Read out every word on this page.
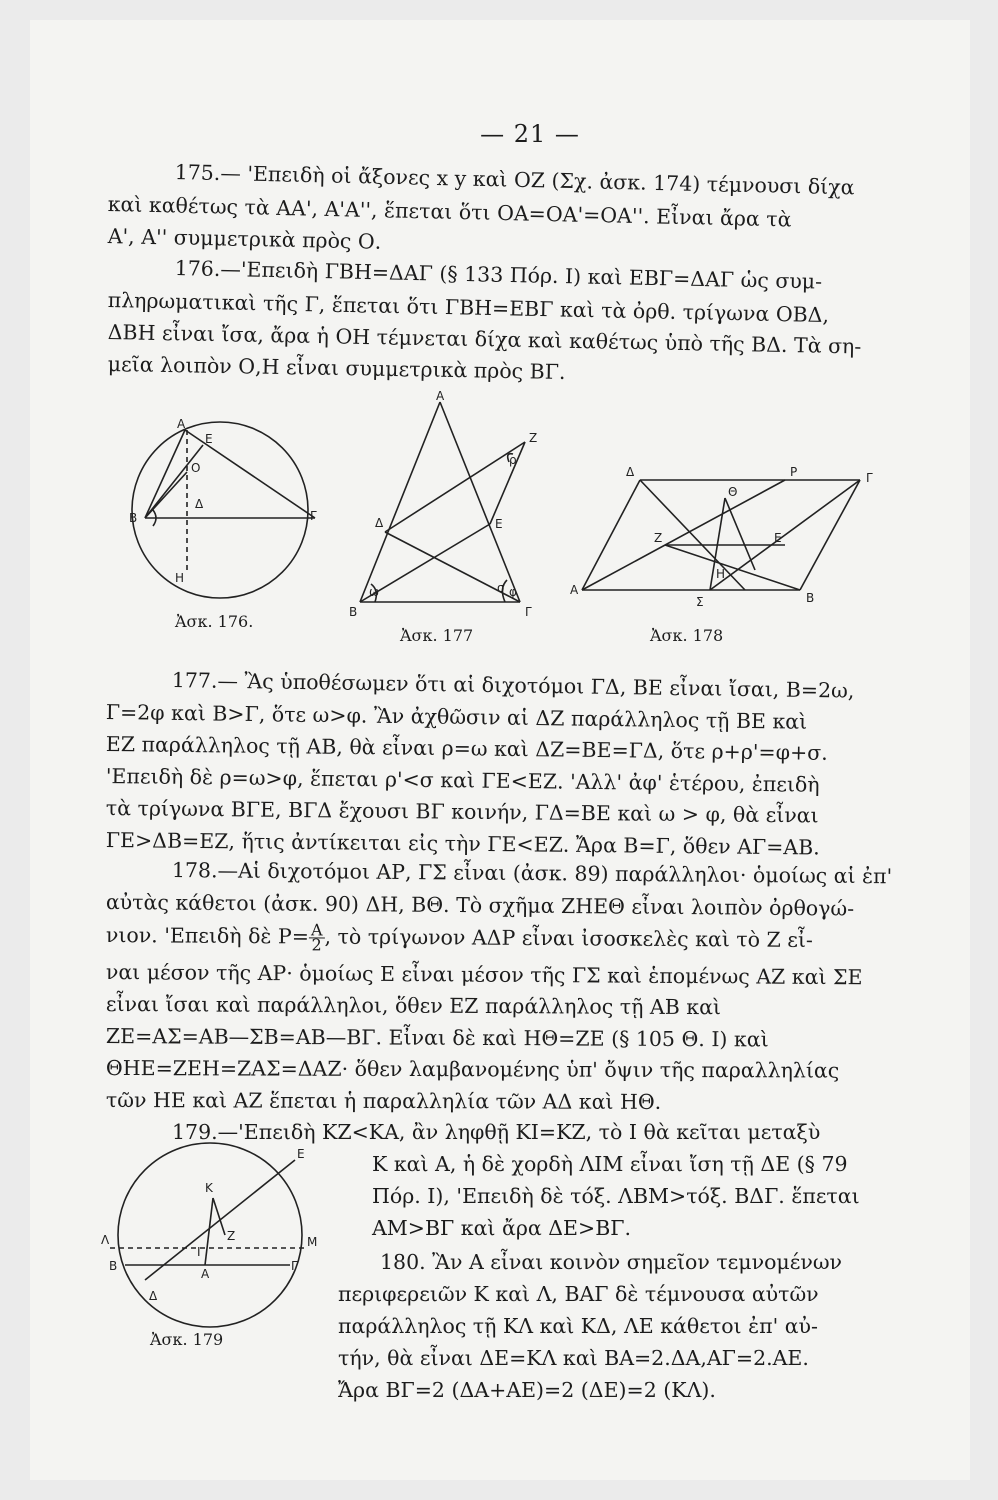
— 21 —
175.— 'Επειδὴ οἱ ἄξονες x y καὶ ΟΖ (Σχ. ἀσκ. 174) τέμνουσι δίχα
καὶ καθέτως τὰ ΑΑ', Α'Α'', ἕπεται ὅτι ΟΑ=ΟΑ'=ΟΑ''. Εἶναι ἄρα τὰ
Α', Α'' συμμετρικὰ πρὸς Ο.
176.—'Επειδὴ ΓΒΗ=ΔΑΓ (§ 133 Πόρ. Ι) καὶ ΕΒΓ=ΔΑΓ ὡς συμ-
πληρωματικαὶ τῆς Γ, ἕπεται ὅτι ΓΒΗ=ΕΒΓ καὶ τὰ ὀρθ. τρίγωνα ΟΒΔ,
ΔΒΗ εἶναι ἴσα, ἄρα ἡ ΟΗ τέμνεται δίχα καὶ καθέτως ὑπὸ τῆς ΒΔ. Τὰ ση-
μεῖα λοιπὸν Ο,Η εἶναι συμμετρικὰ πρὸς ΒΓ.
Α
Ε
Ο
Δ
Β	Γ
Η
Ἀσκ. 176.
Α
Ζ
ρ
Δ	Ε
Β	Γ
ω	σ φ
Ἀσκ. 177
Δ	Ρ	Γ
Θ
Ζ	Ε
Η
Α
Σ	Β
Ἀσκ. 178
177.— Ἂς ὑποθέσωμεν ὅτι αἱ διχοτόμοι ΓΔ, ΒΕ εἶναι ἴσαι, Β=2ω,
Γ=2φ καὶ Β>Γ, ὅτε ω>φ. Ἂν ἀχθῶσιν αἱ ΔΖ παράλληλος τῇ ΒΕ καὶ
ΕΖ παράλληλος τῇ ΑΒ, θὰ εἶναι ρ=ω καὶ ΔΖ=ΒΕ=ΓΔ, ὅτε ρ+ρ'=φ+σ.
'Επειδὴ δὲ ρ=ω>φ, ἕπεται ρ'<σ καὶ ΓΕ<ΕΖ. 'Αλλ' ἀφ' ἑτέρου, ἐπειδὴ
τὰ τρίγωνα ΒΓΕ, ΒΓΔ ἔχουσι ΒΓ κοινήν, ΓΔ=ΒΕ καὶ ω > φ, θὰ εἶναι
ΓΕ>ΔΒ=ΕΖ, ἥτις ἀντίκειται εἰς τὴν ΓΕ<ΕΖ. Ἄρα Β=Γ, ὅθεν ΑΓ=ΑΒ.
178.—Αἱ διχοτόμοι ΑΡ, ΓΣ εἶναι (ἀσκ. 89) παράλληλοι· ὁμοίως αἱ ἐπ'
αὐτὰς κάθετοι (ἀσκ. 90) ΔΗ, ΒΘ. Τὸ σχῆμα ΖΗΕΘ εἶναι λοιπὸν ὀρθογώ-
νιον. 'Επειδὴ δὲ $P= \frac{A}{2}$ , τὸ τρίγωνον ΑΔΡ εἶναι ἰσοσκελὲς καὶ τὸ Ζ εἶ-
ναι μέσον τῆς ΑΡ· ὁμοίως Ε εἶναι μέσον τῆς ΓΣ καὶ ἑπομένως ΑΖ καὶ ΣΕ
εἶναι ἴσαι καὶ παράλληλοι, ὅθεν ΕΖ παράλληλος τῇ ΑΒ καὶ
ΖΕ=ΑΣ=ΑΒ—ΣΒ=ΑΒ—ΒΓ. Εἶναι δὲ καὶ ΗΘ=ΖΕ (§ 105 Θ. Ι) καὶ
ΘΗΕ=ΖΕΗ=ΖΑΣ=ΔΑΖ· ὅθεν λαμβανομένης ὑπ' ὄψιν τῆς παραλληλίας
τῶν ΗΕ καὶ ΑΖ ἕπεται ἡ παραλληλία τῶν ΑΔ καὶ ΗΘ.
179.—'Επειδὴ ΚΖ<ΚΑ, ἂν ληφθῇ ΚΙ=ΚΖ, τὸ Ι θὰ κεῖται μεταξὺ
Κ καὶ Α, ἡ δὲ χορδὴ ΛΙΜ εἶναι ἴση τῇ ΔΕ (§ 79
Πόρ. Ι), 'Επειδὴ δὲ τόξ. ΛΒΜ>τόξ. ΒΔΓ. ἕπεται
ΑΜ>ΒΓ καὶ ἄρα ΔΕ>ΒΓ.
Ε
Κ
Ζ
Λ	Μ
Β
Ι
Α
Γ
Δ
Ἀσκ. 179
180. Ἂν Α εἶναι κοινὸν σημεῖον τεμνομένων
περιφερειῶν Κ καὶ Λ, ΒΑΓ δὲ τέμνουσα αὐτῶν
παράλληλος τῇ ΚΛ καὶ ΚΔ, ΛΕ κάθετοι ἐπ' αὐ-
τήν, θὰ εἶναι ΔΕ=ΚΛ καὶ ΒΑ=2.ΔΑ,ΑΓ=2.ΑΕ.
Ἄρα ΒΓ=2 (ΔΑ+ΑΕ)=2 (ΔΕ)=2 (ΚΛ).
